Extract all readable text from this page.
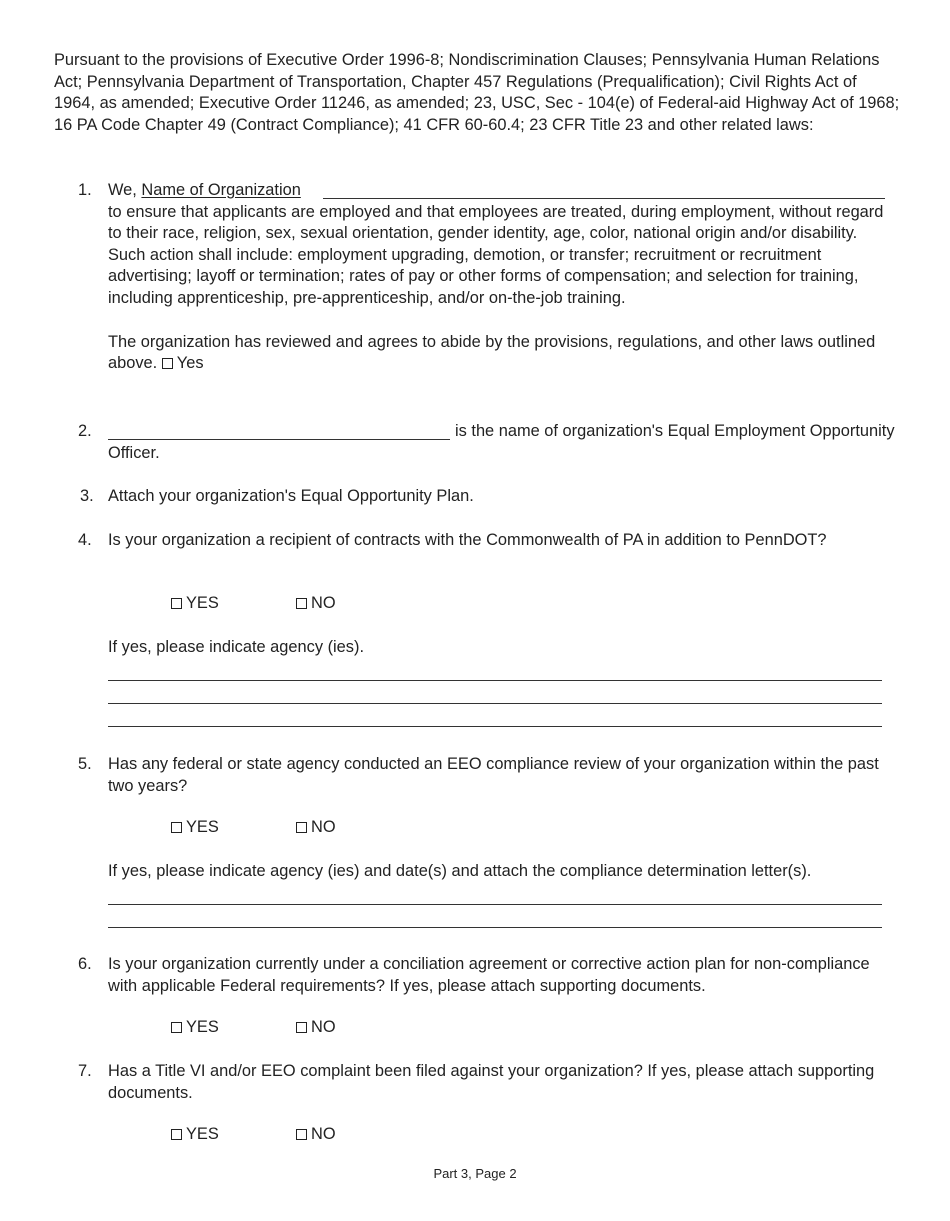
Pursuant to the provisions of Executive Order 1996-8; Nondiscrimination Clauses; Pennsylvania Human Relations Act; Pennsylvania Department of Transportation, Chapter 457 Regulations (Prequalification); Civil Rights Act of 1964, as amended; Executive Order 11246, as amended; 23, USC, Sec - 104(e) of Federal-aid Highway Act of 1968; 16 PA Code Chapter 49 (Contract Compliance); 41 CFR 60-60.4; 23 CFR Title 23 and other related laws:

1. We, Name of Organization

to ensure that applicants are employed and that employees are treated, during employment, without regard to their race, religion, sex, sexual orientation, gender identity, age, color, national origin and/or disability. Such action shall include: employment upgrading, demotion, or transfer; recruitment or recruitment advertising; layoff or termination; rates of pay or other forms of compensation; and selection for training, including apprenticeship, pre-apprenticeship, and/or on-the-job training.

The organization has reviewed and agrees to abide by the provisions, regulations, and other laws outlined above. Yes

2.	is the name of organization's Equal Employment Opportunity Officer.

3. Attach your organization's Equal Opportunity Plan.

4. Is your organization a recipient of contracts with the Commonwealth of PA in addition to PennDOT?

YES	NO

If yes, please indicate agency (ies).

5. Has any federal or state agency conducted an EEO compliance review of your organization within the past two years?

YES	NO

If yes, please indicate agency (ies) and date(s) and attach the compliance determination letter(s).

6. Is your organization currently under a conciliation agreement or corrective action plan for non-compliance with applicable Federal requirements? If yes, please attach supporting documents.

YES	NO
7. Has a Title VI and/or EEO complaint been filed against your organization? If yes, please attach supporting documents.

YES	NO
Part 3, Page 2
